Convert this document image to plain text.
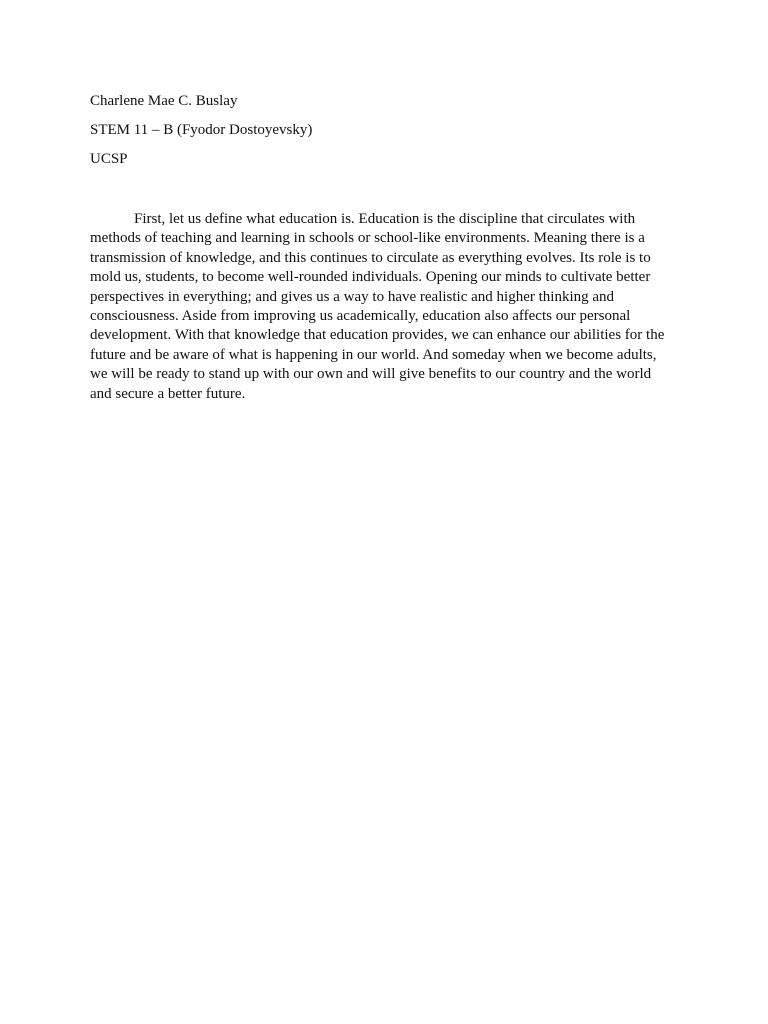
Charlene Mae C. Buslay
STEM 11 – B (Fyodor Dostoyevsky)
UCSP

First, let us define what education is. Education is the discipline that circulates with methods of teaching and learning in schools or school-like environments. Meaning there is a transmission of knowledge, and this continues to circulate as everything evolves. Its role is to mold us, students, to become well-rounded individuals. Opening our minds to cultivate better perspectives in everything; and gives us a way to have realistic and higher thinking and consciousness. Aside from improving us academically, education also affects our personal development. With that knowledge that education provides, we can enhance our abilities for the future and be aware of what is happening in our world. And someday when we become adults, we will be ready to stand up with our own and will give benefits to our country and the world and secure a better future.
